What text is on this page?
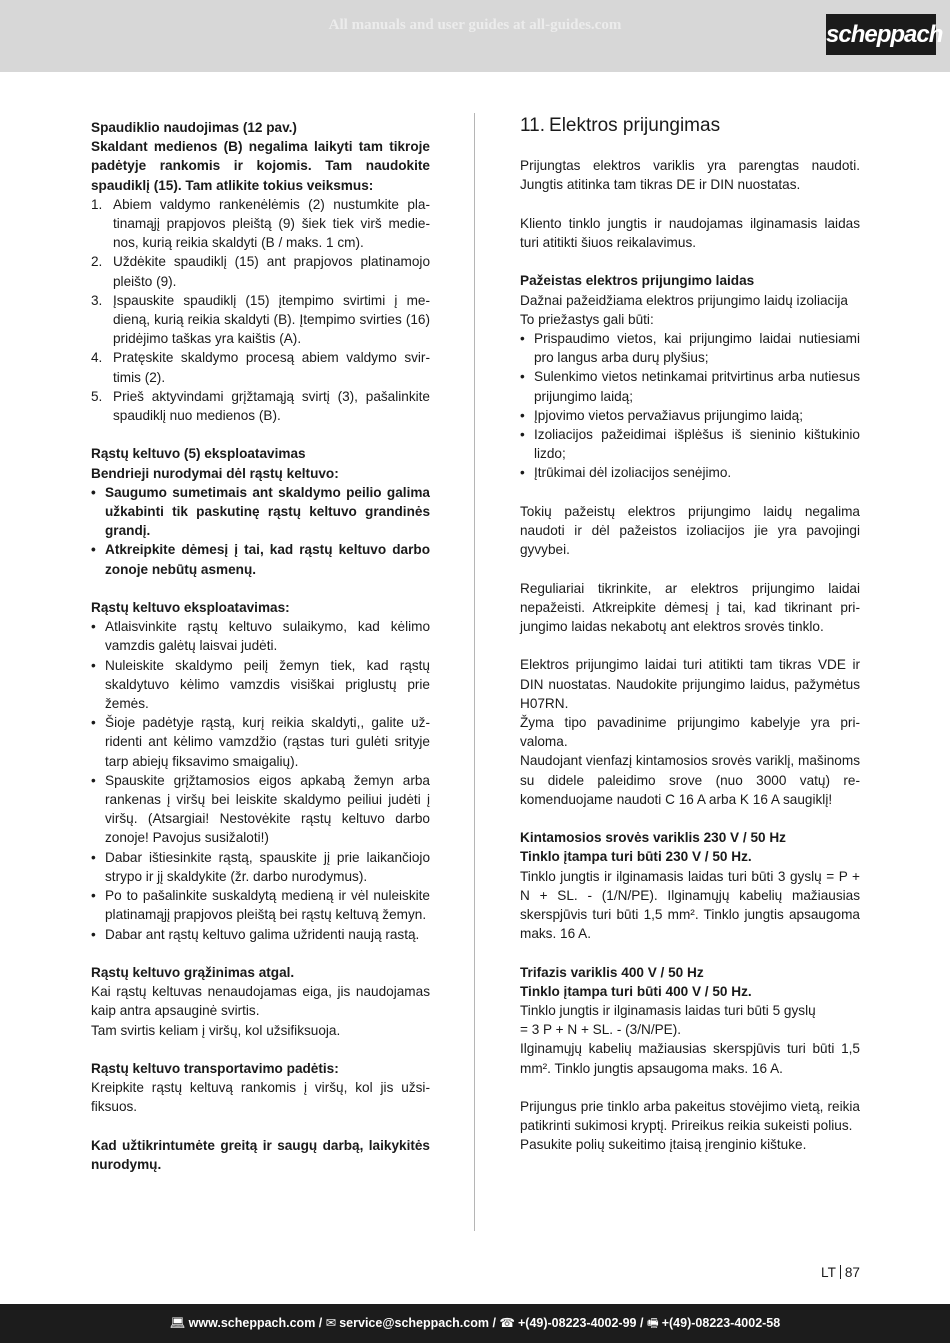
All manuals and user guides at all-guides.com	scheppach
Spaudiklio naudojimas (12 pav.)
Skaldant medienos (B) negalima laikyti tam tikroje padėtyje rankomis ir kojomis. Tam naudokite spaudiklį (15). Tam atlikite tokius veiksmus:
1. Abiem valdymo rankenėlėmis (2) nustumkite platinamąjį prapjovos pleištą (9) šiek tiek virš medienos, kurią reikia skaldyti (B / maks. 1 cm).
2. Uždėkite spaudiklį (15) ant prapjovos platinamojo pleišto (9).
3. Įspauskite spaudiklį (15) įtempimo svirtimi į medieną, kurią reikia skaldyti (B). Įtempimo svirties (16) pridėjimo taškas yra kaištis (A).
4. Pratęskite skaldymo procesą abiem valdymo svirtimis (2).
5. Prieš aktyvindami grįžtamąją svirtį (3), pašalinkite spaudiklį nuo medienos (B).
Rąstų keltuvo (5) eksploatavimas
Bendrieji nurodymai dėl rąstų keltuvo:
• Saugumo sumetimais ant skaldymo peilio galima užkabinti tik paskutinę rąstų keltuvo grandinės grandį.
• Atkreipkite dėmesį į tai, kad rąstų keltuvo darbo zonoje nebūtų asmenų.
Rąstų keltuvo eksploatavimas:
• Atlaisvinkite rąstų keltuvo sulaikymo, kad kėlimo vamzdis galėtų laisvai judėti.
• Nuleiskite skaldymo peilį žemyn tiek, kad rąstų skaldytuvo kėlimo vamzdis visiškai priglustų prie žemės.
• Šioje padėtyje rąstą, kurį reikia skaldyti,, galite užridenti ant kėlimo vamzdžio (rąstas turi gulėti srityje tarp abiejų fiksavimo smaigalių).
• Spauskite grįžtamosios eigos apkabą žemyn arba rankenas į viršų bei leiskite skaldymo peiliui judėti į viršų. (Atsargiai! Nestovėkite rąstų keltuvo darbo zonoje! Pavojus susižaloti!)
• Dabar ištiesinkite rąstą, spauskite jį prie laikančiojo strypo ir jį skaldykite (žr. darbo nurodymus).
• Po to pašalinkite suskaldytą medieną ir vėl nuleiskite platinamąjį prapjovos pleištą bei rąstų keltuvą žemyn.
• Dabar ant rąstų keltuvo galima užridenti naują rastą.
Rąstų keltuvo grąžinimas atgal.
Kai rąstų keltuvas nenaudojamas eiga, jis naudojamas kaip antra apsauginė svirtis.
Tam svirtis keliam į viršų, kol užsifiksuoja.
Rąstų keltuvo transportavimo padėtis:
Kreipkite rąstų keltuvą rankomis į viršų, kol jis užsifiksuos.
Kad užtikrintumėte greitą ir saugų darbą, laikykitės nurodymų.
11. Elektros prijungimas
Prijungtas elektros variklis yra parengtas naudoti. Jungtis atitinka tam tikras DE ir DIN nuostatas.
Kliento tinklo jungtis ir naudojamas ilginamasis laidas turi atitikti šiuos reikalavimus.
Pažeistas elektros prijungimo laidas
Dažnai pažeidžiama elektros prijungimo laidų izoliacija
To priežastys gali būti:
• Prispaudimo vietos, kai prijungimo laidai nutiesiami pro langus arba durų plyšius;
• Sulenkimo vietos netinkamai pritvirtinus arba nutiesus prijungimo laidą;
• Įpjovimo vietos pervažiavus prijungimo laidą;
• Izoliacijos pažeidimai išplėšus iš sieninio kištukinio lizdo;
• Įtrūkimai dėl izoliacijos senėjimo.
Tokių pažeistų elektros prijungimo laidų negalima naudoti ir dėl pažeistos izoliacijos jie yra pavojingi gyvybei.
Reguliariai tikrinkite, ar elektros prijungimo laidai nepažeisti. Atkreipkite dėmesį į tai, kad tikrinant prijungimo laidas nekabotų ant elektros srovės tinklo.
Elektros prijungimo laidai turi atitikti tam tikras VDE ir DIN nuostatas. Naudokite prijungimo laidus, pažymėtus H07RN.
Žyma tipo pavadinime prijungimo kabelyje yra privaloma.
Naudojant vienfazį kintamosios srovės variklį, mašinoms su didele paleidimo srove (nuo 3000 vatų) rekomenduojame naudoti C 16 A arba K 16 A saugiklį!
Kintamosios srovės variklis 230 V / 50 Hz
Tinklo įtampa turi būti 230 V / 50 Hz.
Tinklo jungtis ir ilginamasis laidas turi būti 3 gyslų = P + N + SL. - (1/N/PE). Ilginamųjų kabelių mažiausias skerspjūvis turi būti 1,5 mm². Tinklo jungtis apsaugoma maks. 16 A.
Trifazis variklis 400 V / 50 Hz
Tinklo įtampa turi būti 400 V / 50 Hz.
Tinklo jungtis ir ilginamasis laidas turi būti 5 gyslų
= 3 P + N + SL. - (3/N/PE).
Ilginamųjų kabelių mažiausias skerspjūvis turi būti 1,5 mm². Tinklo jungtis apsaugoma maks. 16 A.
Prijungus prie tinklo arba pakeitus stovėjimo vietą, reikia patikrinti sukimosi kryptį. Prireikus reikia sukeisti polius.
Pasukite polių sukeitimo įtaisą įrenginio kištuke.
LT 87
💻︎ www.scheppach.com / ✉︎ service@scheppach.com / ☎ +(49)-08223-4002-99 / 🖷︎ +(49)-08223-4002-58
